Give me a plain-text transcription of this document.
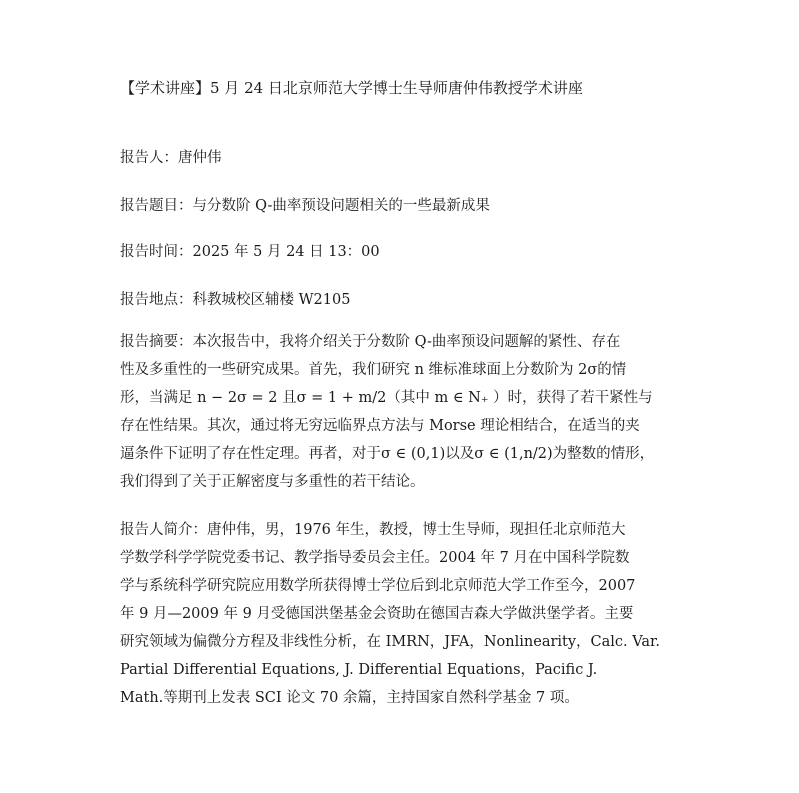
【学术讲座】5 月 24 日北京师范大学博士生导师唐仲伟教授学术讲座
报告人：唐仲伟
报告题目：与分数阶 Q-曲率预设问题相关的一些最新成果
报告时间：2025 年 5 月 24 日 13：00
报告地点：科教城校区辅楼 W2105
报告摘要：本次报告中，我将介绍关于分数阶 Q-曲率预设问题解的紧性、存在
性及多重性的一些研究成果。首先，我们研究 n 维标准球面上分数阶为 2σ的情
形，当满足 n − 2σ = 2 且σ = 1 + m/2（其中 m ∈ N₊ ）时，获得了若干紧性与
存在性结果。其次，通过将无穷远临界点方法与 Morse 理论相结合，在适当的夹
逼条件下证明了存在性定理。再者，对于σ ∈ (0,1)以及σ ∈ (1,n/2)为整数的情形，
我们得到了关于正解密度与多重性的若干结论。
报告人简介：唐仲伟，男，1976 年生，教授，博士生导师，现担任北京师范大
学数学科学学院党委书记、教学指导委员会主任。2004 年 7 月在中国科学院数
学与系统科学研究院应用数学所获得博士学位后到北京师范大学工作至今，2007
年 9 月—2009 年 9 月受德国洪堡基金会资助在德国吉森大学做洪堡学者。主要
研究领域为偏微分方程及非线性分析，在 IMRN，JFA，Nonlinearity，Calc. Var.
Partial Differential Equations, J. Differential Equations，Pacific J.
Math.等期刊上发表 SCI 论文 70 余篇，主持国家自然科学基金 7 项。
